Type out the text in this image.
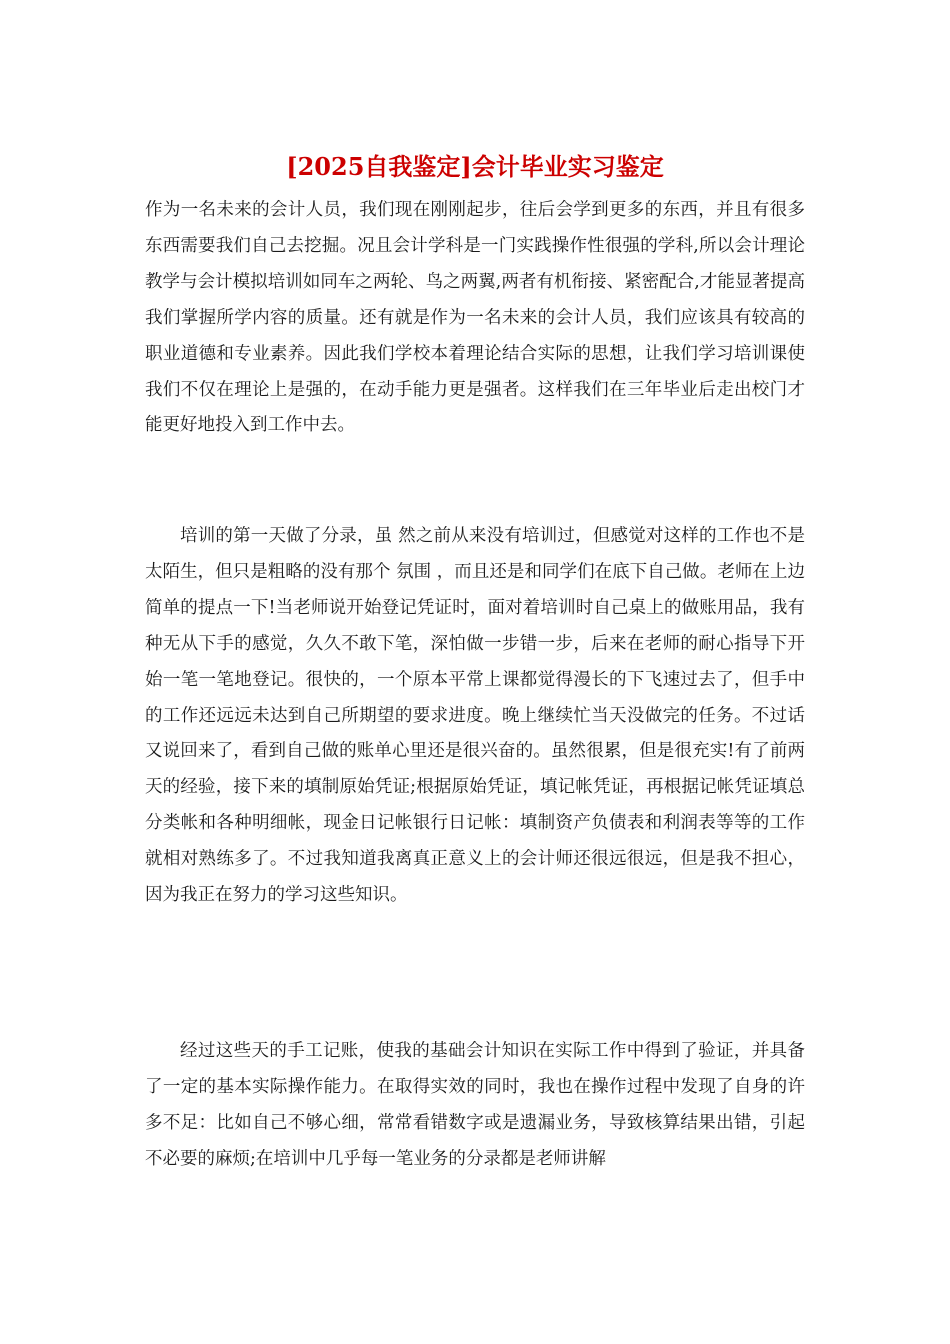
[2025自我鉴定]会计毕业实习鉴定

作为一名未来的会计人员，我们现在刚刚起步，往后会学到更多的东西，并且有很多东西需要我们自己去挖掘。况且会计学科是一门实践操作性很强的学科,所以会计理论教学与会计模拟培训如同车之两轮、鸟之两翼,两者有机衔接、紧密配合,才能显著提高我们掌握所学内容的质量。还有就是作为一名未来的会计人员，我们应该具有较高的职业道德和专业素养。因此我们学校本着理论结合实际的思想，让我们学习培训课使我们不仅在理论上是强的，在动手能力更是强者。这样我们在三年毕业后走出校门才能更好地投入到工作中去。

培训的第一天做了分录，虽 然之前从来没有培训过，但感觉对这样的工作也不是太陌生，但只是粗略的没有那个 氛围 ，而且还是和同学们在底下自己做。老师在上边简单的提点一下!当老师说开始登记凭证时，面对着培训时自己桌上的做账用品，我有种无从下手的感觉，久久不敢下笔，深怕做一步错一步，后来在老师的耐心指导下开始一笔一笔地登记。很快的，一个原本平常上课都觉得漫长的下飞速过去了，但手中的工作还远远未达到自己所期望的要求进度。晚上继续忙当天没做完的任务。不过话又说回来了，看到自己做的账单心里还是很兴奋的。虽然很累，但是很充实!有了前两天的经验，接下来的填制原始凭证;根据原始凭证，填记帐凭证，再根据记帐凭证填总分类帐和各种明细帐，现金日记帐银行日记帐：填制资产负债表和利润表等等的工作就相对熟练多了。不过我知道我离真正意义上的会计师还很远很远，但是我不担心，因为我正在努力的学习这些知识。

经过这些天的手工记账，使我的基础会计知识在实际工作中得到了验证，并具备了一定的基本实际操作能力。在取得实效的同时，我也在操作过程中发现了自身的许多不足：比如自己不够心细，常常看错数字或是遗漏业务，导致核算结果出错，引起不必要的麻烦;在培训中几乎每一笔业务的分录都是老师讲解
